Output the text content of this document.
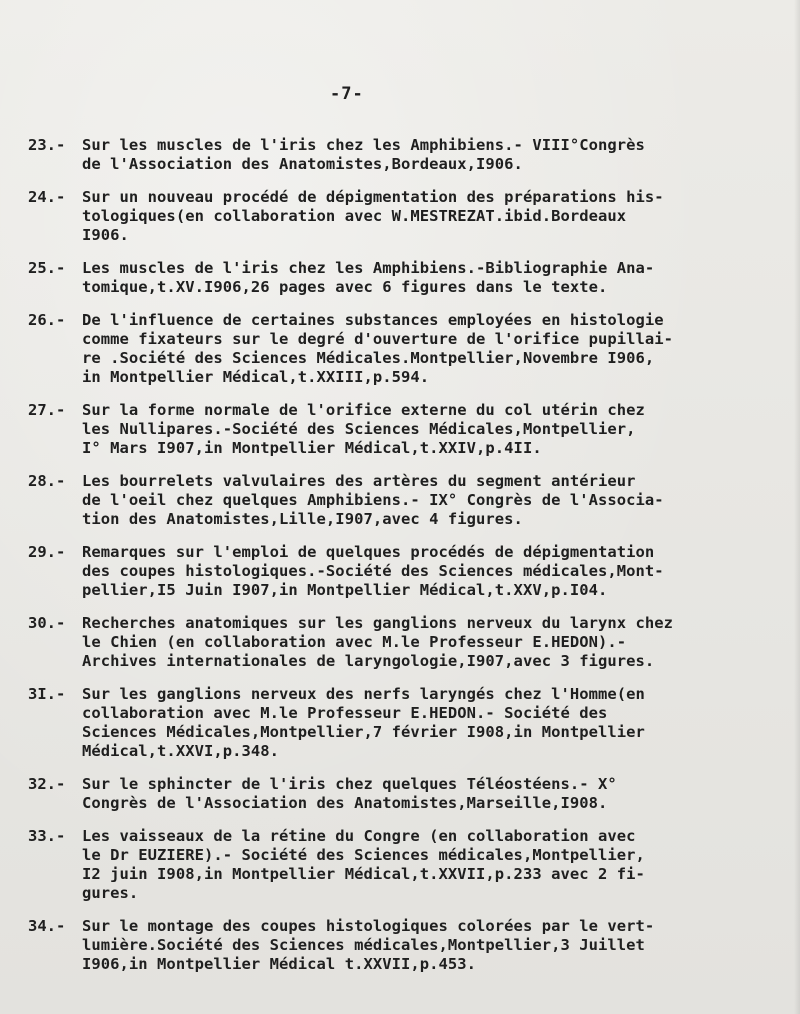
-7-
23.-	Sur les muscles de l'iris chez les Amphibiens.- VIII°Congrès
de l'Association des Anatomistes,Bordeaux,I906.
24.-	Sur un nouveau procédé de dépigmentation des préparations his-
tologiques(en collaboration avec W.MESTREZAT.ibid.Bordeaux
I906.
25.-	Les muscles de l'iris chez les Amphibiens.-Bibliographie Ana-
tomique,t.XV.I906,26 pages avec 6 figures dans le texte.
26.-	De l'influence de certaines substances employées en histologie
comme fixateurs sur le degré d'ouverture de l'orifice pupillai-
re .Société des Sciences Médicales.Montpellier,Novembre I906,
in Montpellier Médical,t.XXIII,p.594.
27.-	Sur la forme normale de l'orifice externe du col utérin chez
les Nullipares.-Société des Sciences Médicales,Montpellier,
I° Mars I907,in Montpellier Médical,t.XXIV,p.4II.
28.-	Les bourrelets valvulaires des artères du segment antérieur
de l'oeil chez quelques Amphibiens.- IX° Congrès de l'Associa-
tion des Anatomistes,Lille,I907,avec 4 figures.
29.-	Remarques sur l'emploi de quelques procédés de dépigmentation
des coupes histologiques.-Société des Sciences médicales,Mont-
pellier,I5 Juin I907,in Montpellier Médical,t.XXV,p.I04.
30.-	Recherches anatomiques sur les ganglions nerveux du larynx chez
le Chien (en collaboration avec M.le Professeur E.HEDON).-
Archives internationales de laryngologie,I907,avec 3 figures.
3I.-	Sur les ganglions nerveux des nerfs laryngés chez l'Homme(en
collaboration avec M.le Professeur E.HEDON.- Société des
Sciences Médicales,Montpellier,7 février I908,in Montpellier
Médical,t.XXVI,p.348.
32.-	Sur le sphincter de l'iris chez quelques Téléostéens.- X°
Congrès de l'Association des Anatomistes,Marseille,I908.
33.-	Les vaisseaux de la rétine du Congre (en collaboration avec
le Dr EUZIERE).- Société des Sciences médicales,Montpellier,
I2 juin I908,in Montpellier Médical,t.XXVII,p.233 avec 2 fi-
gures.
34.-	Sur le montage des coupes histologiques colorées par le vert-
lumière.Société des Sciences médicales,Montpellier,3 Juillet
I906,in Montpellier Médical t.XXVII,p.453.
